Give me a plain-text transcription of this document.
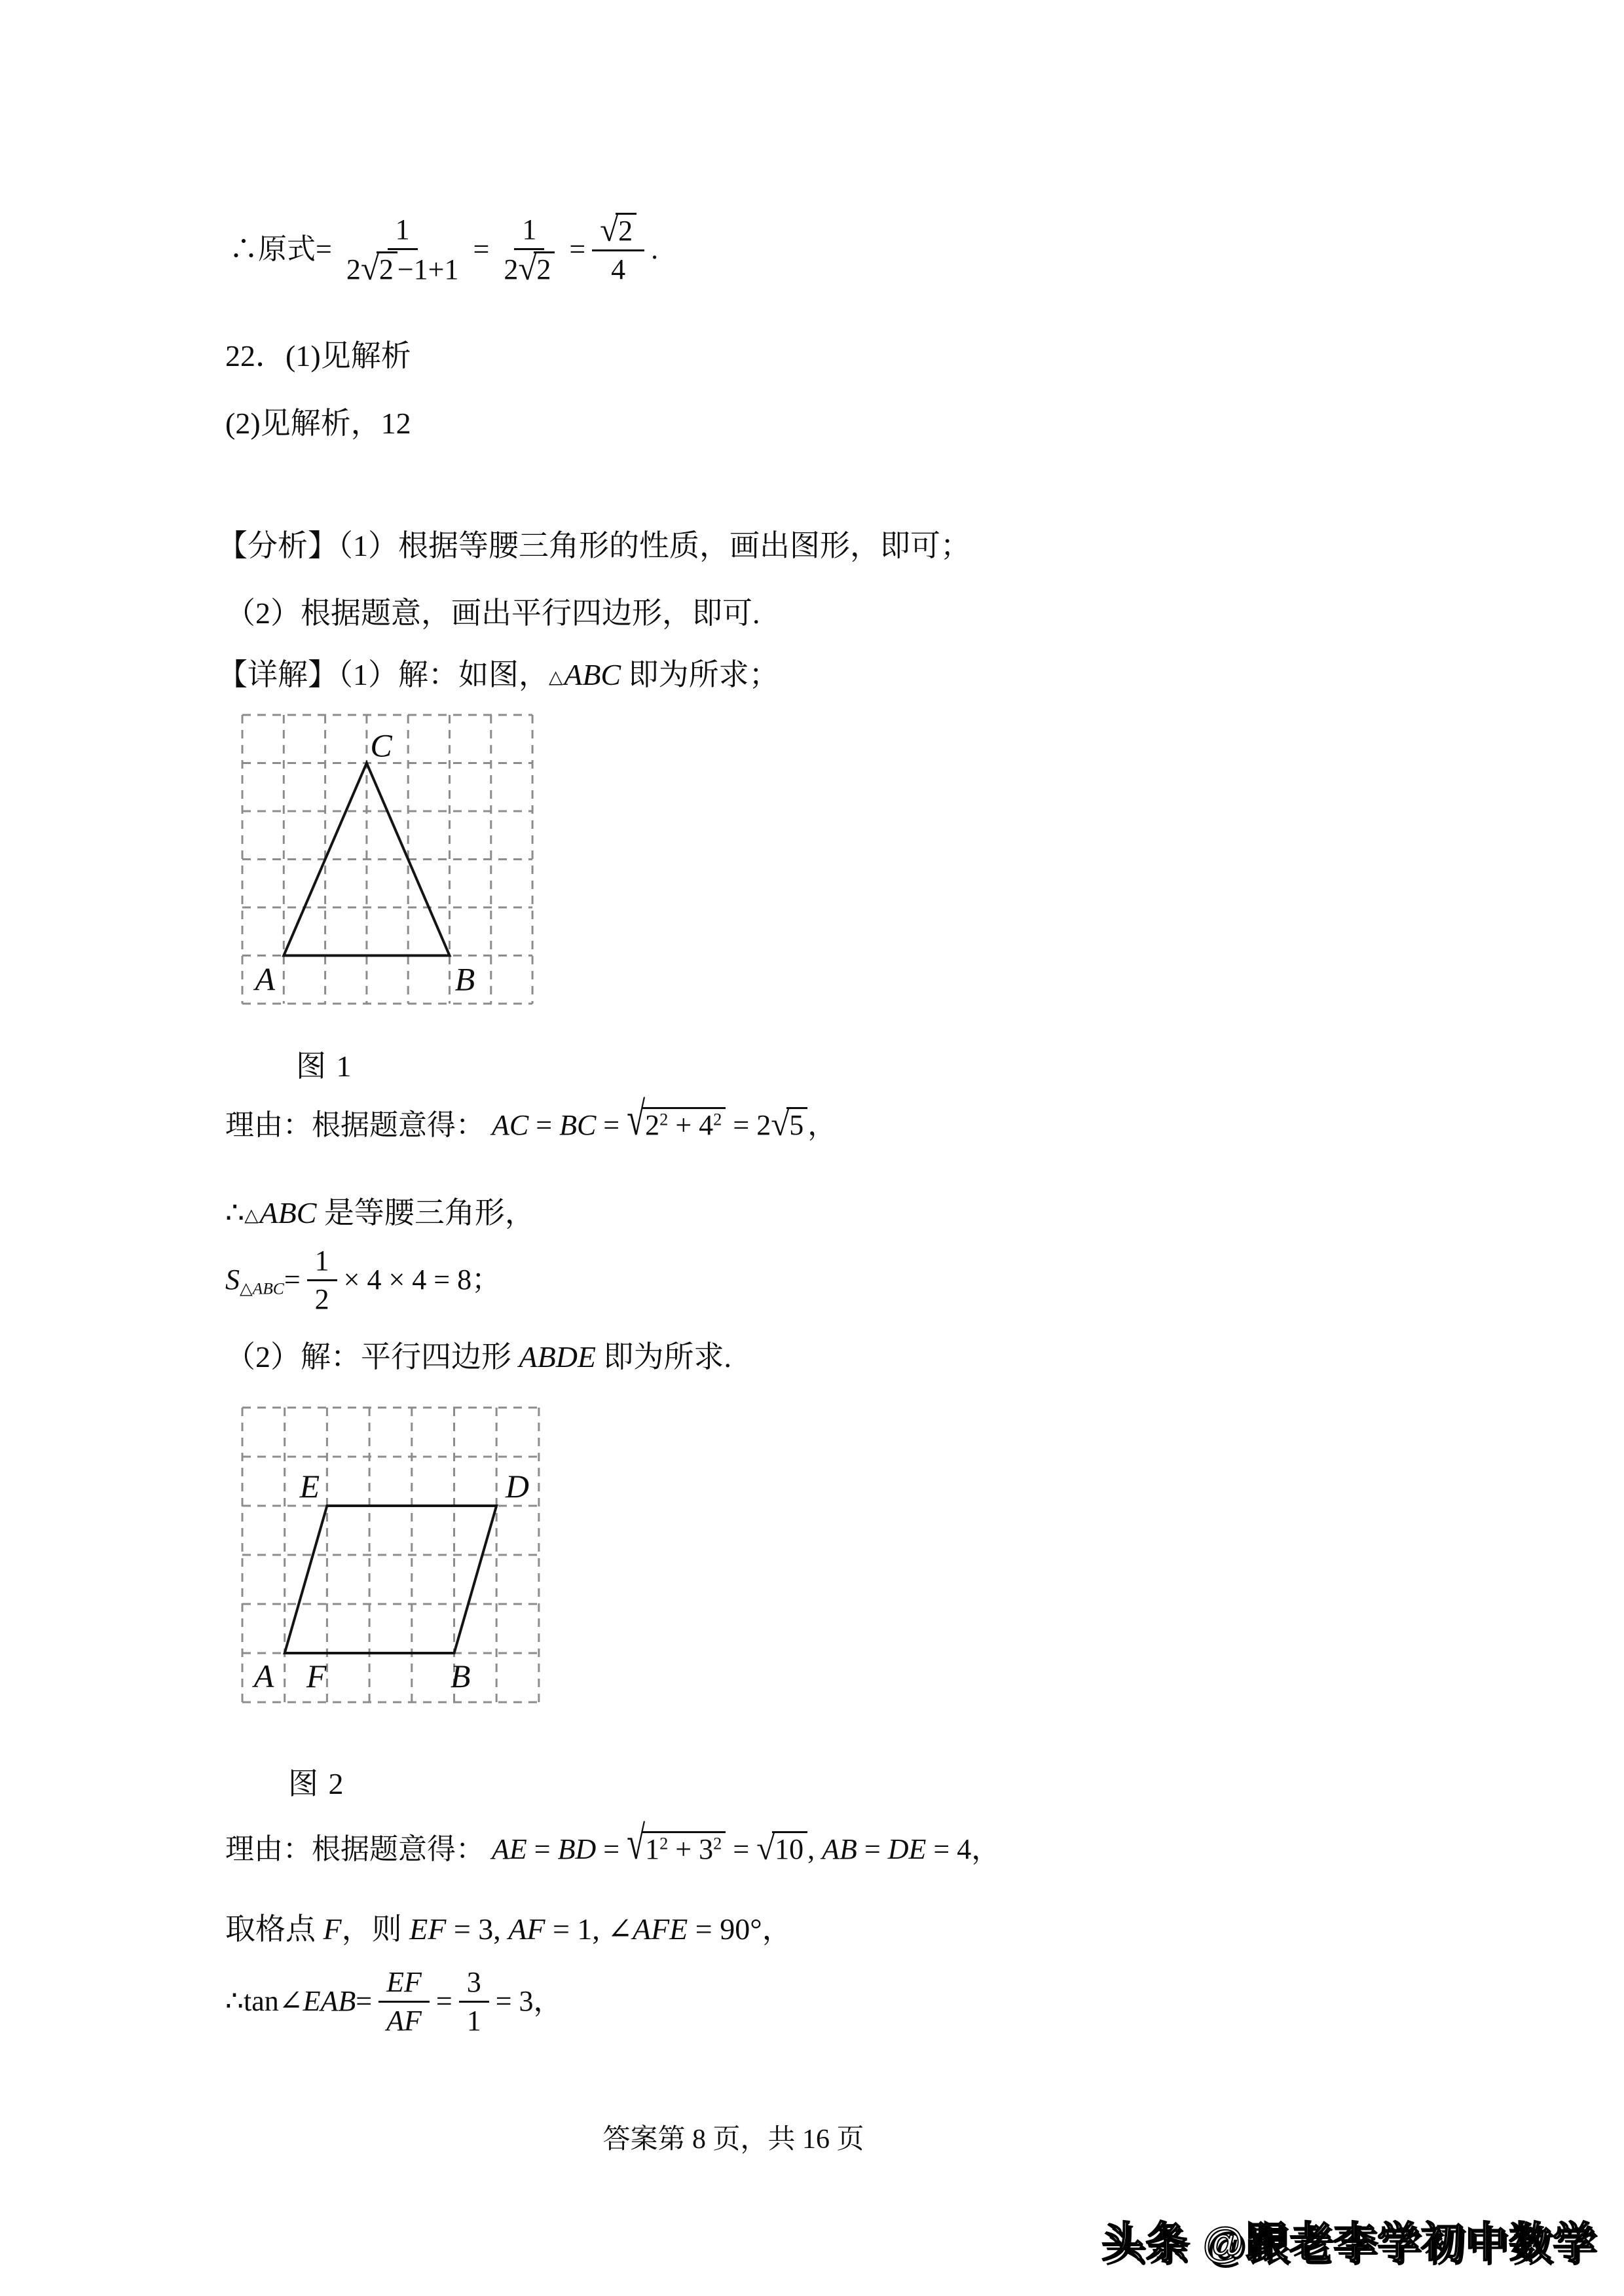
∴原式= $\frac{1}{2√2 -1+1} = \frac{1}{2√2} = \frac{√2}{4}$ .
22．(1)见解析
(2)见解析，12
【分析】（1）根据等腰三角形的性质，画出图形，即可；
（2）根据题意，画出平行四边形，即可.
【详解】（1）解：如图，△ABC 即为所求；
A	B
C
图 1
理由：根据题意得： AC = BC = $√2^2 + 4^2 = 2√5$ ，
∴△ABC 是等腰三角形，
$S_{\triangle ABC} = \frac{1}{2} \times 4 \times 4 = 8$ ；
（2）解：平行四边形 ABDE 即为所求.
A F	B
E	D
图 2
理由：根据题意得： AE = BD = $√1^2 + 3^2 = √10$ , AB = DE = 4，
取格点 F，则 EF = 3, AF = 1, ∠AFE = 90°，
∴tan∠ EAB = $\frac{EF}{AF} = \frac{3}{1} = 3$ ，
答案第 8 页，共 16 页
头条 @跟老李学初中数学
